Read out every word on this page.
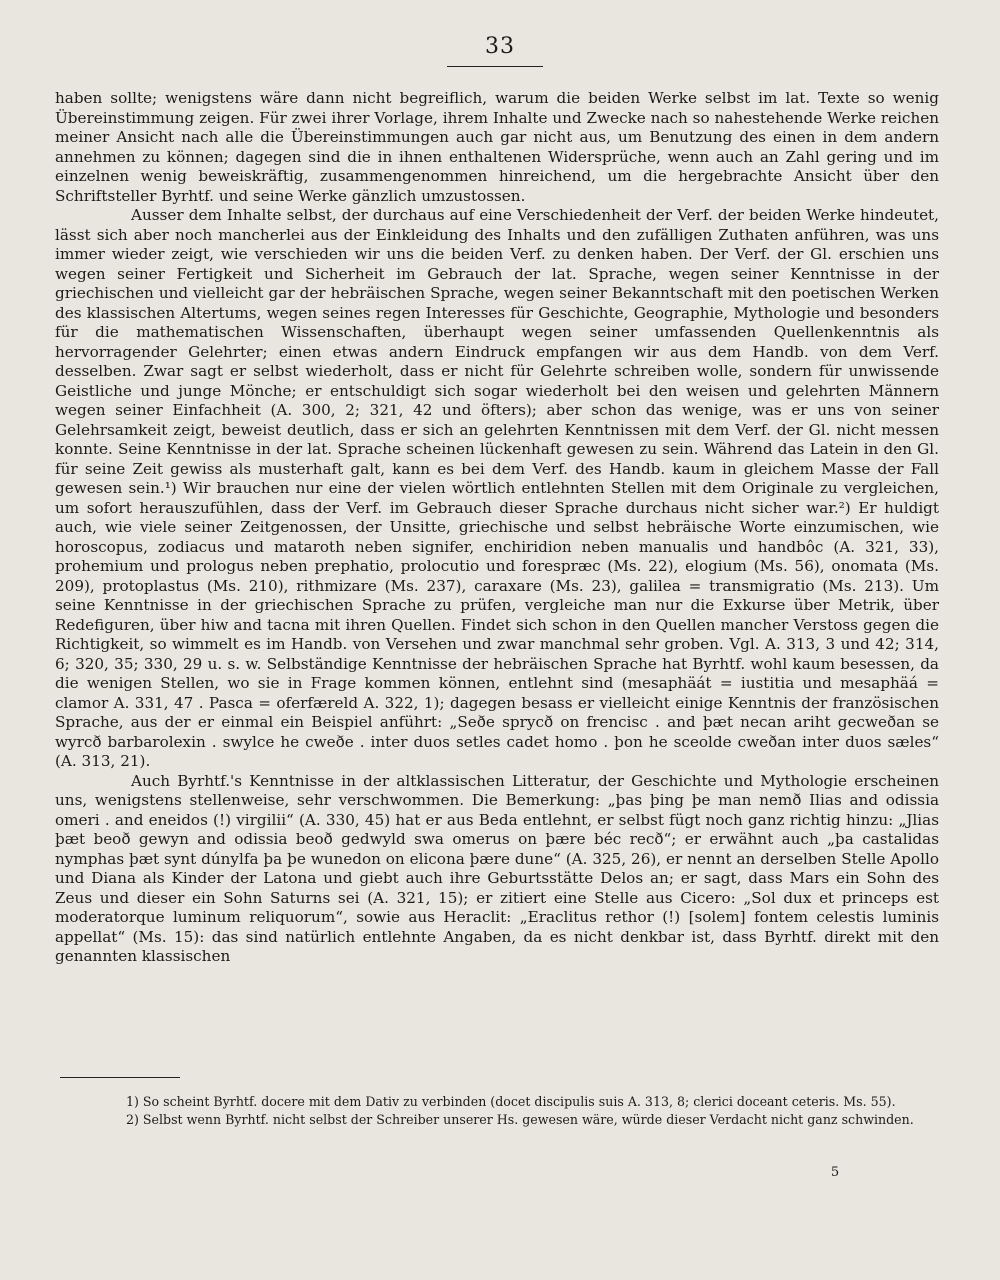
33

haben sollte; wenigstens wäre dann nicht begreiflich, warum die beiden Werke selbst im lat. Texte so wenig Übereinstimmung zeigen. Für zwei ihrer Vorlage, ihrem Inhalte und Zwecke nach so nahestehende Werke reichen meiner Ansicht nach alle die Übereinstimmungen auch gar nicht aus, um Benutzung des einen in dem andern annehmen zu können; dagegen sind die in ihnen enthaltenen Widersprüche, wenn auch an Zahl gering und im einzelnen wenig beweiskräftig, zusammengenommen hinreichend, um die hergebrachte Ansicht über den Schriftsteller Byrhtf. und seine Werke gänzlich umzustossen.

Ausser dem Inhalte selbst, der durchaus auf eine Verschiedenheit der Verf. der beiden Werke hindeutet, lässt sich aber noch mancherlei aus der Einkleidung des Inhalts und den zufälligen Zuthaten anführen, was uns immer wieder zeigt, wie verschieden wir uns die beiden Verf. zu denken haben. Der Verf. der Gl. erschien uns wegen seiner Fertigkeit und Sicherheit im Gebrauch der lat. Sprache, wegen seiner Kenntnisse in der griechischen und vielleicht gar der hebräischen Sprache, wegen seiner Bekanntschaft mit den poetischen Werken des klassischen Altertums, wegen seines regen Interesses für Geschichte, Geographie, Mythologie und besonders für die mathematischen Wissenschaften, überhaupt wegen seiner umfassenden Quellenkenntnis als hervorragender Gelehrter; einen etwas andern Eindruck empfangen wir aus dem Handb. von dem Verf. desselben. Zwar sagt er selbst wiederholt, dass er nicht für Gelehrte schreiben wolle, sondern für unwissende Geistliche und junge Mönche; er entschuldigt sich sogar wiederholt bei den weisen und gelehrten Männern wegen seiner Einfachheit (A. 300, 2; 321, 42 und öfters); aber schon das wenige, was er uns von seiner Gelehrsamkeit zeigt, beweist deutlich, dass er sich an gelehrten Kenntnissen mit dem Verf. der Gl. nicht messen konnte. Seine Kenntnisse in der lat. Sprache scheinen lückenhaft gewesen zu sein. Während das Latein in den Gl. für seine Zeit gewiss als musterhaft galt, kann es bei dem Verf. des Handb. kaum in gleichem Masse der Fall gewesen sein.¹) Wir brauchen nur eine der vielen wörtlich entlehnten Stellen mit dem Originale zu vergleichen, um sofort herauszufühlen, dass der Verf. im Gebrauch dieser Sprache durchaus nicht sicher war.²) Er huldigt auch, wie viele seiner Zeitgenossen, der Unsitte, griechische und selbst hebräische Worte einzumischen, wie horoscopus, zodiacus und mataroth neben signifer, enchiridion neben manualis und handbôc (A. 321, 33), prohemium und prologus neben prephatio, prolocutio und foresprӕc (Ms. 22), elogium (Ms. 56), onomata (Ms. 209), protoplastus (Ms. 210), rithmizare (Ms. 237), caraxare (Ms. 23), galilea = transmigratio (Ms. 213). Um seine Kenntnisse in der griechischen Sprache zu prüfen, vergleiche man nur die Exkurse über Metrik, über Redefiguren, über hiw and tacna mit ihren Quellen. Findet sich schon in den Quellen mancher Verstoss gegen die Richtigkeit, so wimmelt es im Handb. von Versehen und zwar manchmal sehr groben. Vgl. A. 313, 3 und 42; 314, 6; 320, 35; 330, 29 u. s. w. Selbständige Kenntnisse der hebräischen Sprache hat Byrhtf. wohl kaum besessen, da die wenigen Stellen, wo sie in Frage kommen können, entlehnt sind (mesaphäát = iustitia und mesaphäá = clamor A. 331, 47 . Pasca = oferfæreld A. 322, 1); dagegen besass er vielleicht einige Kenntnis der französischen Sprache, aus der er einmal ein Beispiel anführt: „Seðe sprycð on frencisc . and þæt necan ariht gecweðan se wyrcð barbarolexin . swylce he cweðe . inter duos setles cadet homo . þon he sceolde cweðan inter duos sæles“ (A. 313, 21).

Auch Byrhtf.'s Kenntnisse in der altklassischen Litteratur, der Geschichte und Mythologie erscheinen uns, wenigstens stellenweise, sehr verschwommen. Die Bemerkung: „þas þing þe man nemð Ilias and odissia omeri . and eneidos (!) virgilii“ (A. 330, 45) hat er aus Beda entlehnt, er selbst fügt noch ganz richtig hinzu: „Jlias þæt beoð gewyn and odissia beoð gedwyld swa omerus on þære béc recð“; er erwähnt auch „þa castalidas nymphas þæt synt dúnylfa þa þe wunedon on elicona þære dune“ (A. 325, 26), er nennt an derselben Stelle Apollo und Diana als Kinder der Latona und giebt auch ihre Geburtsstätte Delos an; er sagt, dass Mars ein Sohn des Zeus und dieser ein Sohn Saturns sei (A. 321, 15); er zitiert eine Stelle aus Cicero: „Sol dux et princeps est moderatorque luminum reliquorum“, sowie aus Heraclit: „Eraclitus rethor (!) [solem] fontem celestis luminis appellat“ (Ms. 15): das sind natürlich entlehnte Angaben, da es nicht denkbar ist, dass Byrhtf. direkt mit den genannten klassischen

1) So scheint Byrhtf. docere mit dem Dativ zu verbinden (docet discipulis suis A. 313, 8; clerici doceant ceteris. Ms. 55).

2) Selbst wenn Byrhtf. nicht selbst der Schreiber unserer Hs. gewesen wäre, würde dieser Verdacht nicht ganz schwinden.

5
